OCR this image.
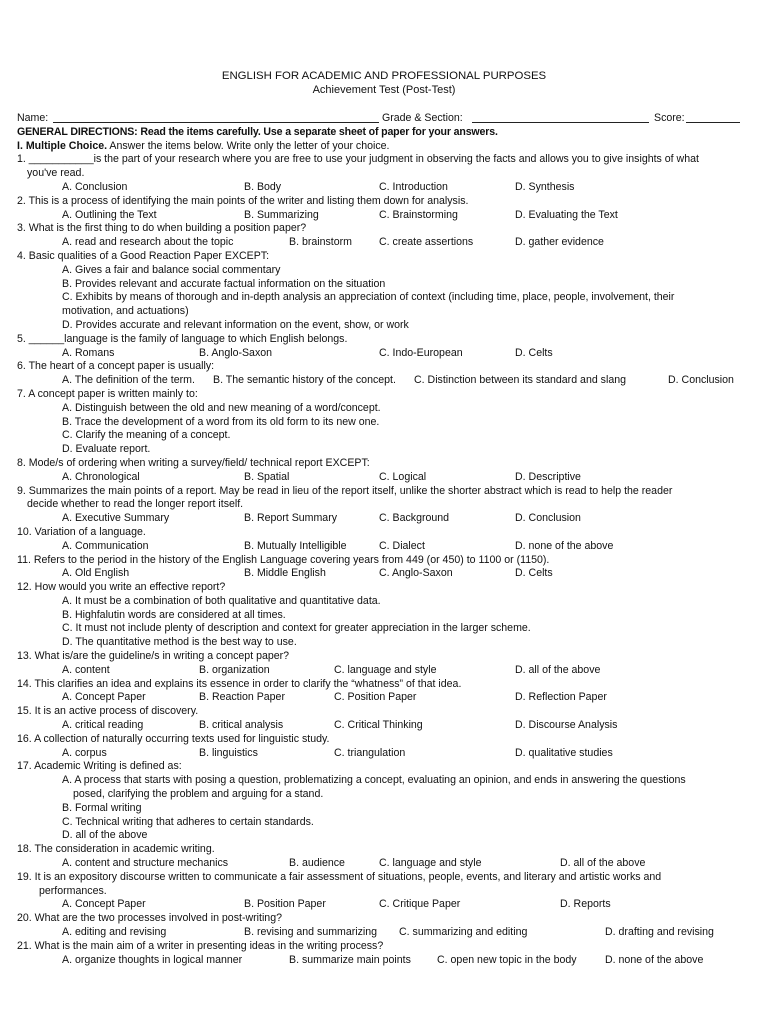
ENGLISH FOR ACADEMIC AND PROFESSIONAL PURPOSES
Achievement Test (Post-Test)
Name:	Grade & Section:	Score:
GENERAL DIRECTIONS: Read the items carefully. Use a separate sheet of paper for your answers.
I. Multiple Choice. Answer the items below. Write only the letter of your choice.
1. ___________is the part of your research where you are free to use your judgment in observing the facts and allows you to give insights of what
you've read.
A. Conclusion	B. Body	C. Introduction	D. Synthesis
2. This is a process of identifying the main points of the writer and listing them down for analysis.
A. Outlining the Text	B. Summarizing	C. Brainstorming	D. Evaluating the Text
3. What is the first thing to do when building a position paper?
A. read and research about the topic	B. brainstorm	C. create assertions	D. gather evidence
4. Basic qualities of a Good Reaction Paper EXCEPT:
A. Gives a fair and balance social commentary
B. Provides relevant and accurate factual information on the situation
C. Exhibits by means of thorough and in-depth analysis an appreciation of context (including time, place, people, involvement, their
motivation, and actuations)
D. Provides accurate and relevant information on the event, show, or work
5. ______language is the family of language to which English belongs.
A. Romans	B. Anglo-Saxon	C. Indo-European	D. Celts
6. The heart of a concept paper is usually:
A. The definition of the term. B. The semantic history of the concept. C. Distinction between its standard and slang	D. Conclusion
7. A concept paper is written mainly to:
A. Distinguish between the old and new meaning of a word/concept.
B. Trace the development of a word from its old form to its new one.
C. Clarify the meaning of a concept.
D. Evaluate report.
8. Mode/s of ordering when writing a survey/field/ technical report EXCEPT:
A. Chronological	B. Spatial	C. Logical	D. Descriptive
9. Summarizes the main points of a report. May be read in lieu of the report itself, unlike the shorter abstract which is read to help the reader
decide whether to read the longer report itself.
A. Executive Summary	B. Report Summary	C. Background	D. Conclusion
10. Variation of a language.
A. Communication	B. Mutually Intelligible	C. Dialect	D. none of the above
11. Refers to the period in the history of the English Language covering years from 449 (or 450) to 1100 or (1150).
A. Old English	B. Middle English	C. Anglo-Saxon	D. Celts
12. How would you write an effective report?
A. It must be a combination of both qualitative and quantitative data.
B. Highfalutin words are considered at all times.
C. It must not include plenty of description and context for greater appreciation in the larger scheme.
D. The quantitative method is the best way to use.
13. What is/are the guideline/s in writing a concept paper?
A. content	B. organization	C. language and style	D. all of the above
14. This clarifies an idea and explains its essence in order to clarify the “whatness” of that idea.
A. Concept Paper	B. Reaction Paper	C. Position Paper	D. Reflection Paper
15. It is an active process of discovery.
A. critical reading	B. critical analysis	C. Critical Thinking	D. Discourse Analysis
16. A collection of naturally occurring texts used for linguistic study.
A. corpus	B. linguistics	C. triangulation	D. qualitative studies
17. Academic Writing is defined as:
A. A process that starts with posing a question, problematizing a concept, evaluating an opinion, and ends in answering the questions
posed, clarifying the problem and arguing for a stand.
B. Formal writing
C. Technical writing that adheres to certain standards.
D. all of the above
18. The consideration in academic writing.
A. content and structure mechanics	B. audience	C. language and style	D. all of the above
19. It is an expository discourse written to communicate a fair assessment of situations, people, events, and literary and artistic works and
performances.
A. Concept Paper	B. Position Paper	C. Critique Paper	D. Reports
20. What are the two processes involved in post-writing?
A. editing and revising	B. revising and summarizing C. summarizing and editing	D. drafting and revising
21. What is the main aim of a writer in presenting ideas in the writing process?
A. organize thoughts in logical manner	B. summarize main points C. open new topic in the body	D. none of the above
